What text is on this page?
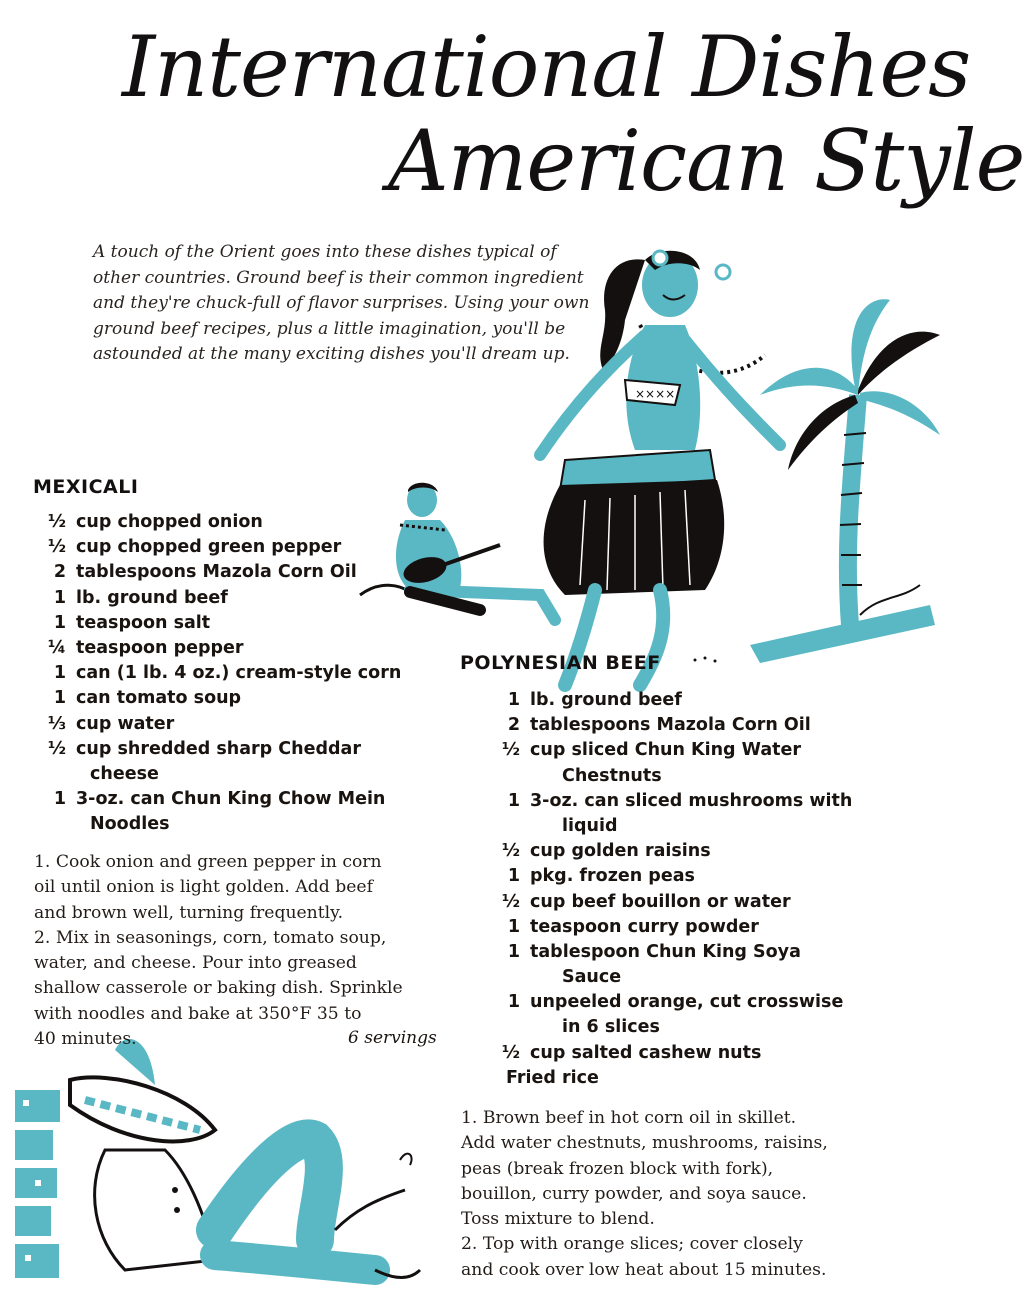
××××
International Dishes
American Style

A touch of the Orient goes into these dishes typical of
other countries. Ground beef is their common ingredient
and they're chuck-full of flavor surprises. Using your own
ground beef recipes, plus a little imagination, you'll be
astounded at the many exciting dishes you'll dream up.

MEXICALI
½ cup chopped onion
½ cup chopped green pepper
2 tablespoons Mazola Corn Oil
1 lb. ground beef
1 teaspoon salt
¼ teaspoon pepper
1 can (1 lb. 4 oz.) cream-style corn
1 can tomato soup
⅓ cup water
½ cup shredded sharp Cheddar
cheese
1 3-oz. can Chun King Chow Mein
Noodles

1. Cook onion and green pepper in corn
oil until onion is light golden. Add beef
and brown well, turning frequently.
2. Mix in seasonings, corn, tomato soup,
water, and cheese. Pour into greased
shallow casserole or baking dish. Sprinkle
with noodles and bake at 350°F 35 to
40 minutes.	6 servings
POLYNESIAN BEEF
1 lb. ground beef
2 tablespoons Mazola Corn Oil
½ cup sliced Chun King Water
Chestnuts
1 3-oz. can sliced mushrooms with
liquid
½ cup golden raisins
1 pkg. frozen peas
½ cup beef bouillon or water
1 teaspoon curry powder
1 tablespoon Chun King Soya
Sauce
1 unpeeled orange, cut crosswise
in 6 slices
½ cup salted cashew nuts
Fried rice

1. Brown beef in hot corn oil in skillet.
Add water chestnuts, mushrooms, raisins,
peas (break frozen block with fork),
bouillon, curry powder, and soya sauce.
Toss mixture to blend.
2. Top with orange slices; cover closely
and cook over low heat about 15 minutes.
